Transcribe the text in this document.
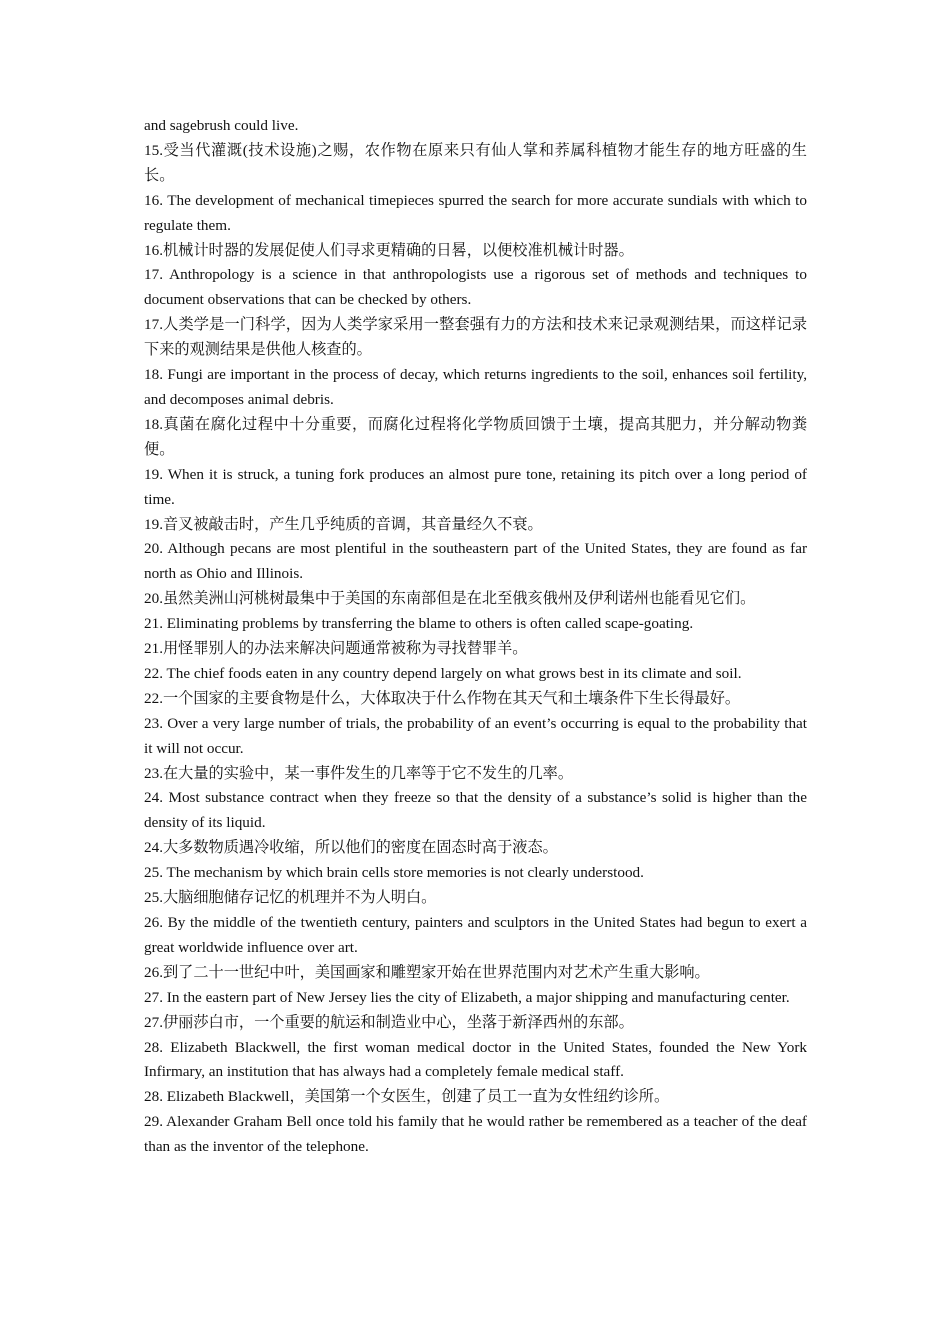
and sagebrush could live.

15.受当代灌溉(技术设施)之赐，农作物在原来只有仙人掌和荞属科植物才能生存的地方旺盛的生长。

16. The development of mechanical timepieces spurred the search for more accurate sundials with which to regulate them.

16.机械计时器的发展促使人们寻求更精确的日晷，以便校准机械计时器。

17. Anthropology is a science in that anthropologists use a rigorous set of methods and techniques to document observations that can be checked by others.

17.人类学是一门科学，因为人类学家采用一整套强有力的方法和技术来记录观测结果，而这样记录下来的观测结果是供他人核查的。

18. Fungi are important in the process of decay, which returns ingredients to the soil, enhances soil fertility, and decomposes animal debris.

18.真菌在腐化过程中十分重要，而腐化过程将化学物质回馈于土壤，提高其肥力，并分解动物粪便。

19. When it is struck, a tuning fork produces an almost pure tone, retaining its pitch over a long period of time.

19.音叉被敲击时，产生几乎纯质的音调，其音量经久不衰。

20. Although pecans are most plentiful in the southeastern part of the United States, they are found as far north as Ohio and Illinois.

20.虽然美洲山河桃树最集中于美国的东南部但是在北至俄亥俄州及伊利诺州也能看见它们。

21. Eliminating problems by transferring the blame to others is often called scape-goating.

21.用怪罪别人的办法来解决问题通常被称为寻找替罪羊。

22. The chief foods eaten in any country depend largely on what grows best in its climate and soil.

22.一个国家的主要食物是什么，大体取决于什么作物在其天气和土壤条件下生长得最好。

23. Over a very large number of trials, the probability of an event’s occurring is equal to the probability that it will not occur.

23.在大量的实验中，某一事件发生的几率等于它不发生的几率。

24. Most substance contract when they freeze so that the density of a substance’s solid is higher than the density of its liquid.

24.大多数物质遇冷收缩，所以他们的密度在固态时高于液态。

25. The mechanism by which brain cells store memories is not clearly understood.

25.大脑细胞储存记忆的机理并不为人明白。

26. By the middle of the twentieth century, painters and sculptors in the United States had begun to exert a great worldwide influence over art.

26.到了二十一世纪中叶，美国画家和雕塑家开始在世界范围内对艺术产生重大影响。

27. In the eastern part of New Jersey lies the city of Elizabeth, a major shipping and manufacturing center.

27.伊丽莎白市，一个重要的航运和制造业中心，坐落于新泽西州的东部。

28. Elizabeth Blackwell, the first woman medical doctor in the United States, founded the New York Infirmary, an institution that has always had a completely female medical staff.

28. Elizabeth Blackwell，美国第一个女医生，创建了员工一直为女性纽约诊所。

29. Alexander Graham Bell once told his family that he would rather be remembered as a teacher of the deaf than as the inventor of the telephone.
